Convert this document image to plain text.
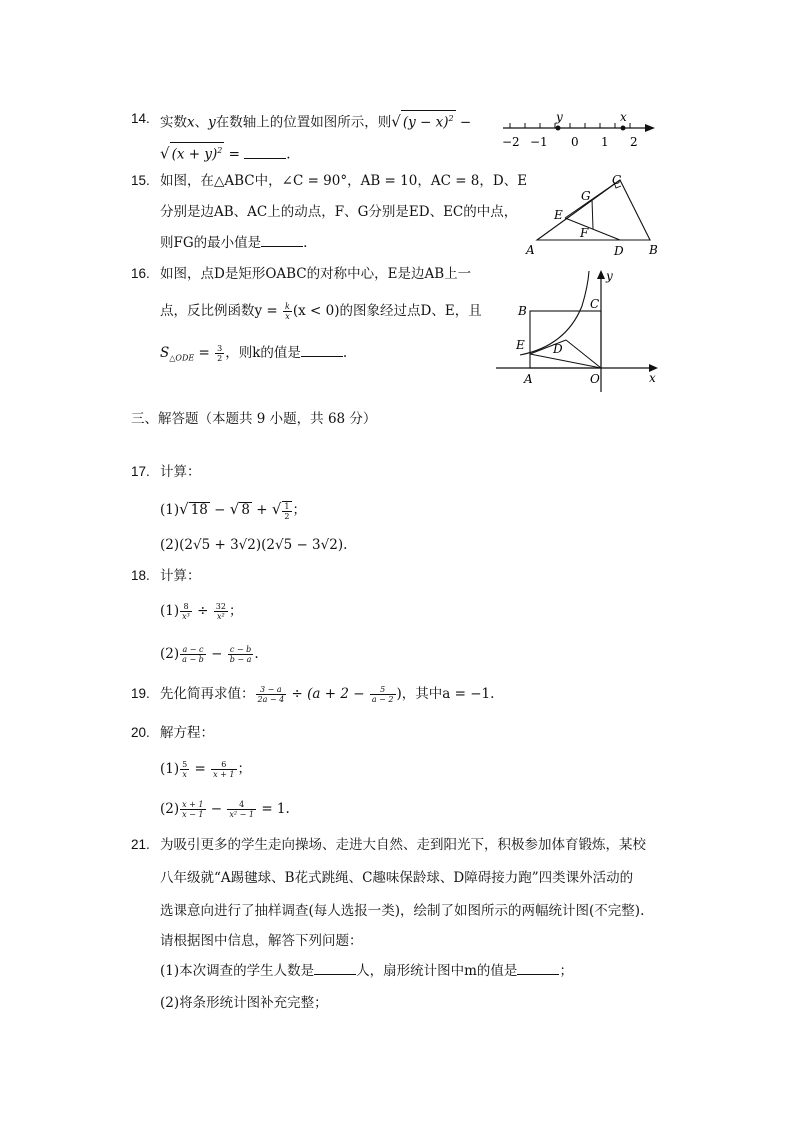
14. 实数x、y在数轴上的位置如图所示，则√ $(y - x)^2$ −
√ $(x + y)^2$ =	.
y	x
−2 −1 0 1 2
15. 如图，在△ABC中，∠C = 90°，AB = 10，AC = 8，D、E
分别是边AB、AC上的动点，F、G分别是ED、EC的中点，
则FG的最小值是	.	A	B
C
D
E
F
G
16. 如图，点D是矩形OABC的对称中心，E是边AB上一
点，反比例函数$y = \frac{k}{x} (x < 0)$的图象经过点D、E，且
$S_{\triangle ODE} = \frac{3}{2}$ ，则k的值是	.
A
B	C
D
E
O	x
y
三、解答题（本题共 9 小题，共 68 分）
17. 计算：
(1)√ 18 − √ 8 + √ $\frac{1}{2}$ ；
(2)(2√5 + 3√2)(2√5 − 3√2).
18. 计算：
$(1) \frac{8}{\text{x³}} \div \frac{32}{\text{x²}}$ ；
$(2) \frac{a - c}{a - b} - \frac{c - b}{b - a}$ .
19. 先化简再求值： $\frac{3 - a}{2a - 4} \div (a + 2 - \frac{5}{a - 2}$ )，其中a = −1.
20. 解方程：
$(1) \frac{5}{x} = \frac{6}{x + 1}$ ；
$(2) \frac{x + 1}{x - 1} - \frac{4}{\text{x² − 1}} = 1$.
21. 为吸引更多的学生走向操场、走进大自然、走到阳光下，积极参加体育锻炼，某校
八年级就“A踢毽球、B花式跳绳、C趣味保龄球、D障碍接力跑”四类课外活动的
选课意向进行了抽样调查(每人选报一类)，绘制了如图所示的两幅统计图(不完整).
请根据图中信息，解答下列问题：
(1)本次调查的学生人数是	人，扇形统计图中m的值是	；
(2)将条形统计图补充完整；
